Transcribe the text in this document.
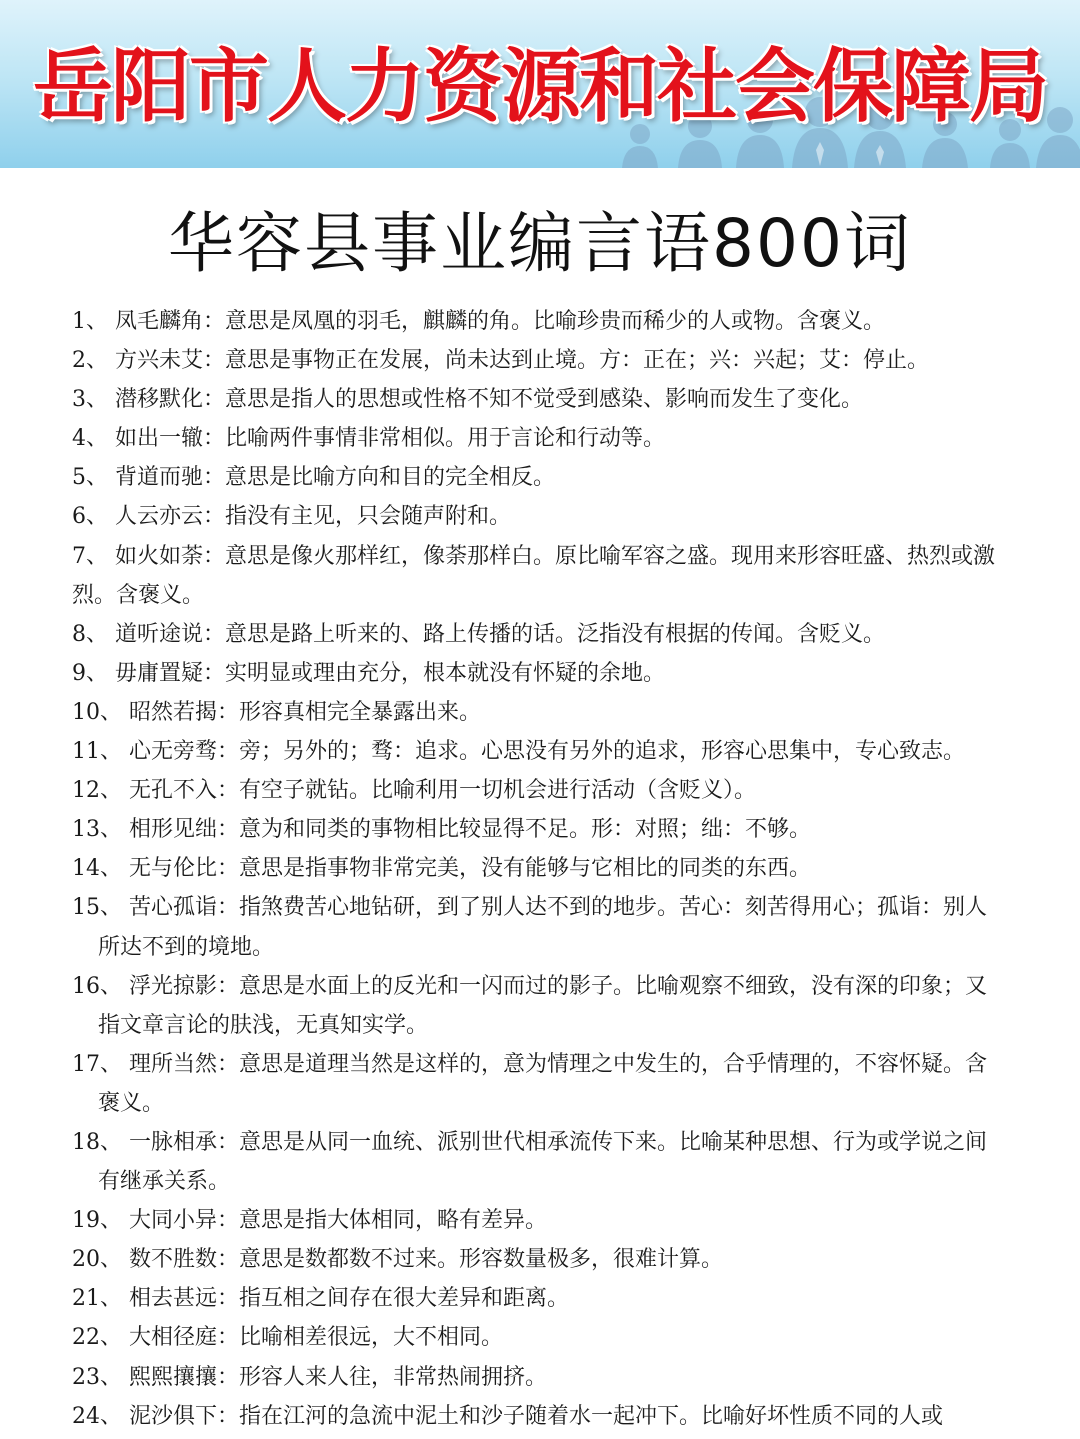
岳阳市人力资源和社会保障局
华容县事业编言语800词

1、 凤毛麟角：意思是凤凰的羽毛，麒麟的角。比喻珍贵而稀少的人或物。含褒义。

2、 方兴未艾：意思是事物正在发展，尚未达到止境。方：正在；兴：兴起；艾：停止。

3、 潜移默化：意思是指人的思想或性格不知不觉受到感染、影响而发生了变化。

4、 如出一辙：比喻两件事情非常相似。用于言论和行动等。

5、 背道而驰：意思是比喻方向和目的完全相反。

6、 人云亦云：指没有主见，只会随声附和。

7、 如火如荼：意思是像火那样红，像荼那样白。原比喻军容之盛。现用来形容旺盛、热烈或激烈。含褒义。

8、 道听途说：意思是路上听来的、路上传播的话。泛指没有根据的传闻。含贬义。

9、 毋庸置疑：实明显或理由充分，根本就没有怀疑的余地。

10、 昭然若揭：形容真相完全暴露出来。

11、 心无旁骛：旁；另外的；骛：追求。心思没有另外的追求，形容心思集中，专心致志。

12、 无孔不入：有空子就钻。比喻利用一切机会进行活动（含贬义）。

13、 相形见绌：意为和同类的事物相比较显得不足。形：对照；绌：不够。

14、 无与伦比：意思是指事物非常完美，没有能够与它相比的同类的东西。

15、 苦心孤诣：指煞费苦心地钻研，到了别人达不到的地步。苦心：刻苦得用心；孤诣：别人所达不到的境地。

16、 浮光掠影：意思是水面上的反光和一闪而过的影子。比喻观察不细致，没有深的印象；又指文章言论的肤浅，无真知实学。

17、 理所当然：意思是道理当然是这样的，意为情理之中发生的，合乎情理的，不容怀疑。含褒义。

18、 一脉相承：意思是从同一血统、派别世代相承流传下来。比喻某种思想、行为或学说之间有继承关系。

19、 大同小异：意思是指大体相同，略有差异。

20、 数不胜数：意思是数都数不过来。形容数量极多，很难计算。

21、 相去甚远：指互相之间存在很大差异和距离。

22、 大相径庭：比喻相差很远，大不相同。

23、 熙熙攘攘：形容人来人往，非常热闹拥挤。

24、 泥沙俱下：指在江河的急流中泥土和沙子随着水一起冲下。比喻好坏性质不同的人或
